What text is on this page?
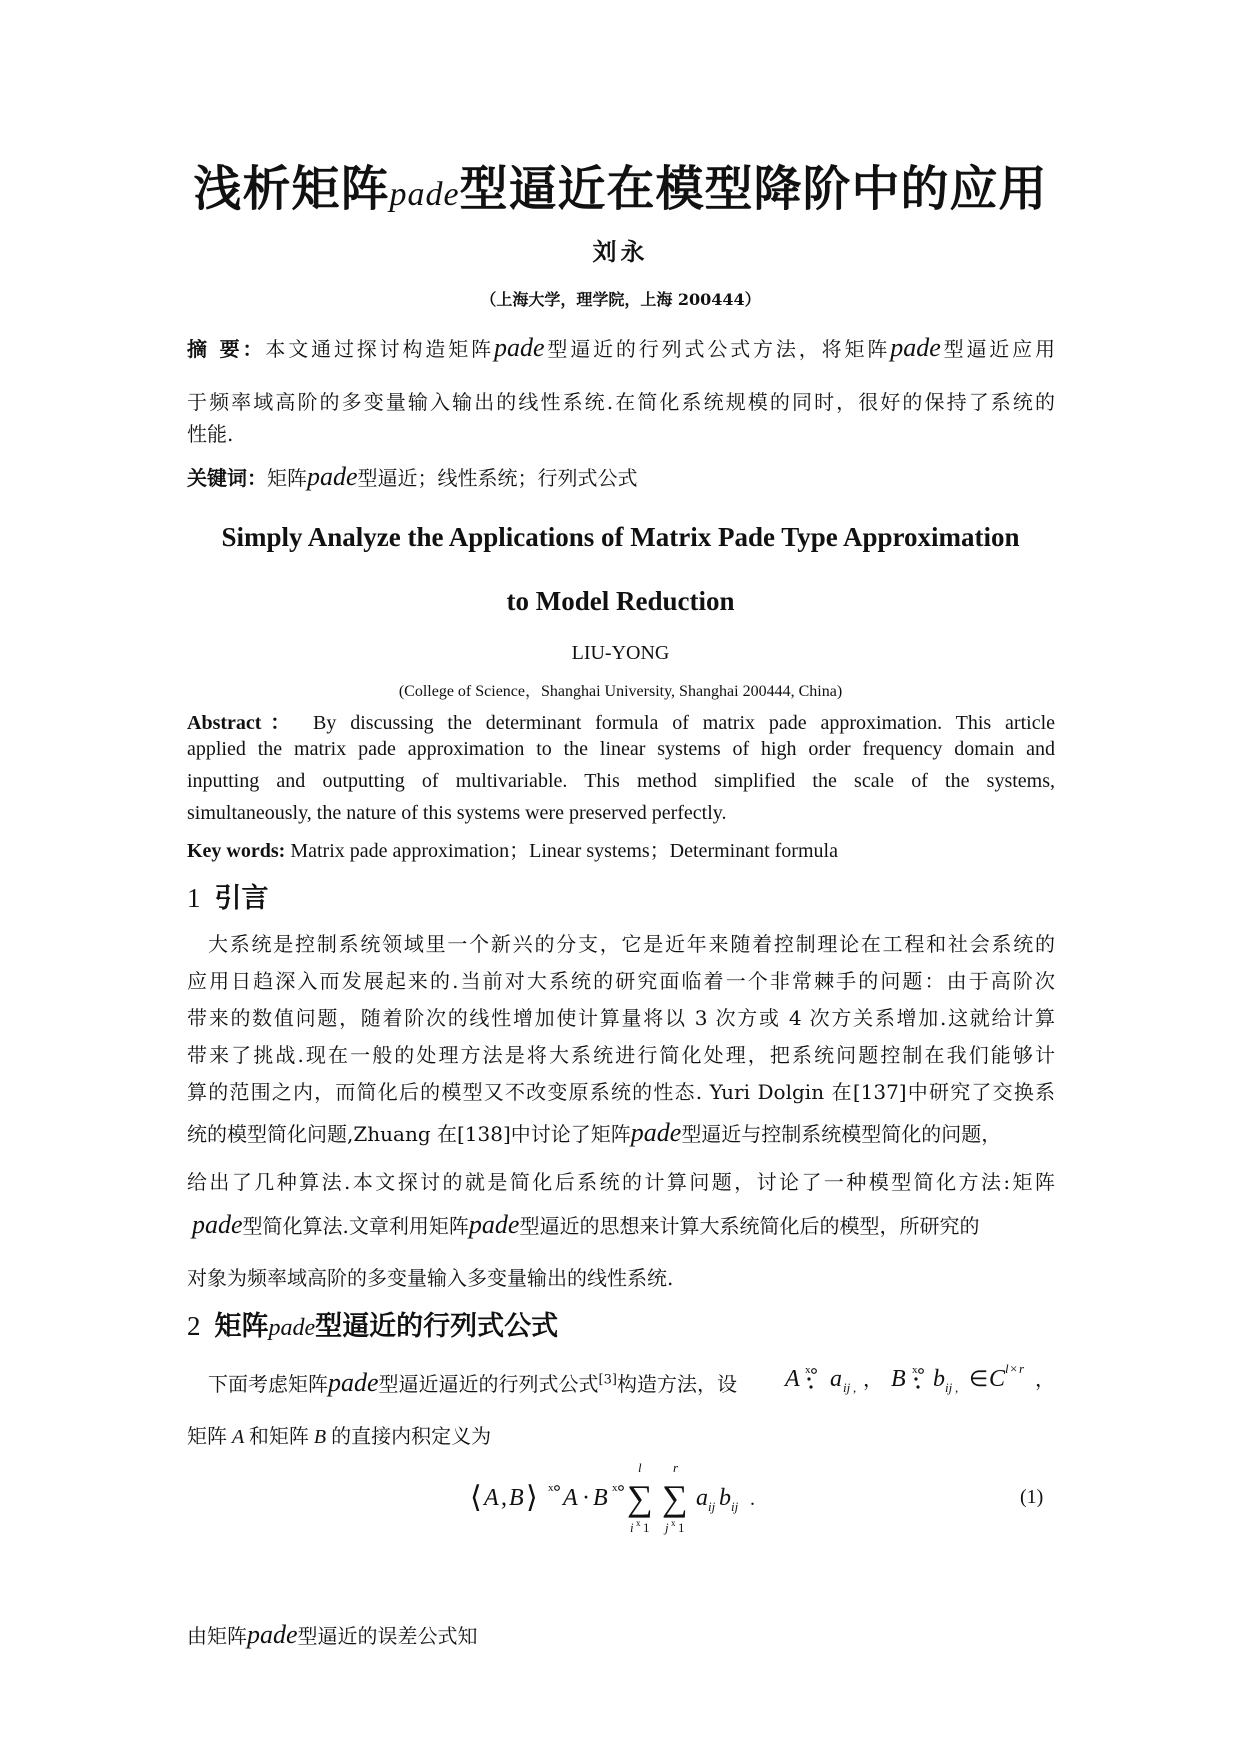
浅析矩阵pade型逼近在模型降阶中的应用
刘永
（上海大学，理学院，上海 200444）
摘 要：本文通过探讨构造矩阵pade型逼近的行列式公式方法，将矩阵pade型逼近应用
于频率域高阶的多变量输入输出的线性系统.在简化系统规模的同时，很好的保持了系统的
性能.
关键词：矩阵pade型逼近；线性系统；行列式公式
Simply Analyze the Applications of Matrix Pade Type Approximation
to Model Reduction
LIU-YONG
(College of Science，Shanghai University, Shanghai 200444, China)
Abstract： By discussing the determinant formula of matrix pade approximation. This article
applied the matrix pade approximation to the linear systems of high order frequency domain and
inputting and outputting of multivariable. This method simplified the scale of the systems,
simultaneously, the nature of this systems were preserved perfectly.
Key words: Matrix pade approximation；Linear systems；Determinant formula
1 引言
大系统是控制系统领域里一个新兴的分支，它是近年来随着控制理论在工程和社会系统的
应用日趋深入而发展起来的.当前对大系统的研究面临着一个非常棘手的问题：由于高阶次
带来的数值问题，随着阶次的线性增加使计算量将以 3 次方或 4 次方关系增加.这就给计算
带来了挑战.现在一般的处理方法是将大系统进行简化处理，把系统问题控制在我们能够计
算的范围之内，而简化后的模型又不改变原系统的性态. Yuri Dolgin 在[137]中研究了交换系
统的模型简化问题,Zhuang 在[138]中讨论了矩阵pade型逼近与控制系统模型简化的问题，
给出了几种算法.本文探讨的就是简化后系统的计算问题，讨论了一种模型简化方法:矩阵
pade型简化算法.文章利用矩阵pade型逼近的思想来计算大系统简化后的模型，所研究的
对象为频率域高阶的多变量输入多变量输出的线性系统.
2 矩阵pade型逼近的行列式公式
下面考虑矩阵pade型逼近逼近的行列式公式[3]构造方法，设 A x a ij , ， B x b ij , ∈ C l × r
，
矩阵 A 和矩阵 B 的直接内积定义为
⟨ A , B ⟩ x A · B x ∑
l
i x 1
∑
r
j x 1
a ij b ij .	(1)
由矩阵pade型逼近的误差公式知
